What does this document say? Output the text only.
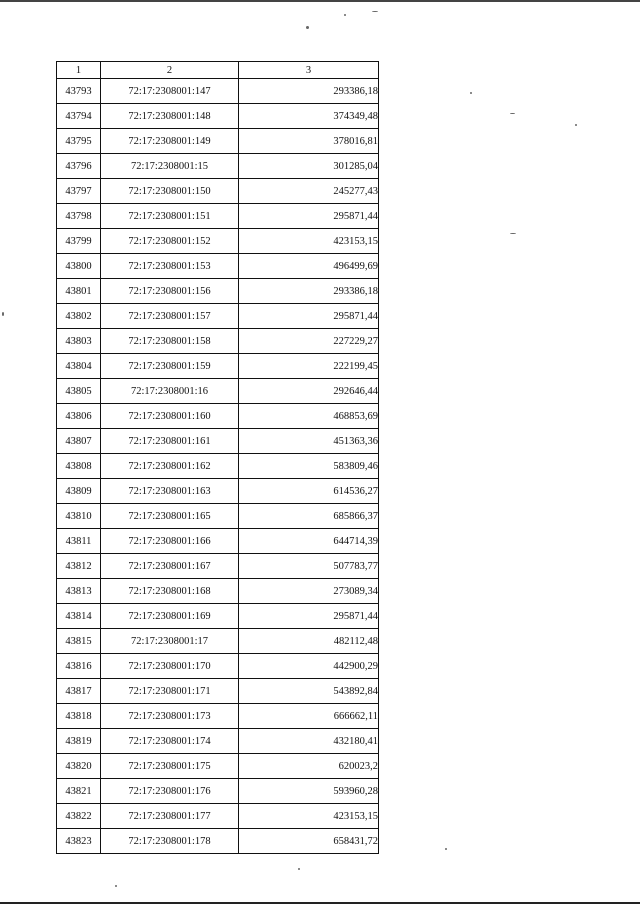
1	2	3
43793	72:17:2308001:147	293386,18
43794	72:17:2308001:148	374349,48
43795	72:17:2308001:149	378016,81
43796	72:17:2308001:15	301285,04
43797	72:17:2308001:150	245277,43
43798	72:17:2308001:151	295871,44
43799	72:17:2308001:152	423153,15
43800	72:17:2308001:153	496499,69
43801	72:17:2308001:156	293386,18
43802	72:17:2308001:157	295871,44
43803	72:17:2308001:158	227229,27
43804	72:17:2308001:159	222199,45
43805	72:17:2308001:16	292646,44
43806	72:17:2308001:160	468853,69
43807	72:17:2308001:161	451363,36
43808	72:17:2308001:162	583809,46
43809	72:17:2308001:163	614536,27
43810	72:17:2308001:165	685866,37
43811	72:17:2308001:166	644714,39
43812	72:17:2308001:167	507783,77
43813	72:17:2308001:168	273089,34
43814	72:17:2308001:169	295871,44
43815	72:17:2308001:17	482112,48
43816	72:17:2308001:170	442900,29
43817	72:17:2308001:171	543892,84
43818	72:17:2308001:173	666662,11
43819	72:17:2308001:174	432180,41
43820	72:17:2308001:175	620023,2
43821	72:17:2308001:176	593960,28
43822	72:17:2308001:177	423153,15
43823	72:17:2308001:178	658431,72
